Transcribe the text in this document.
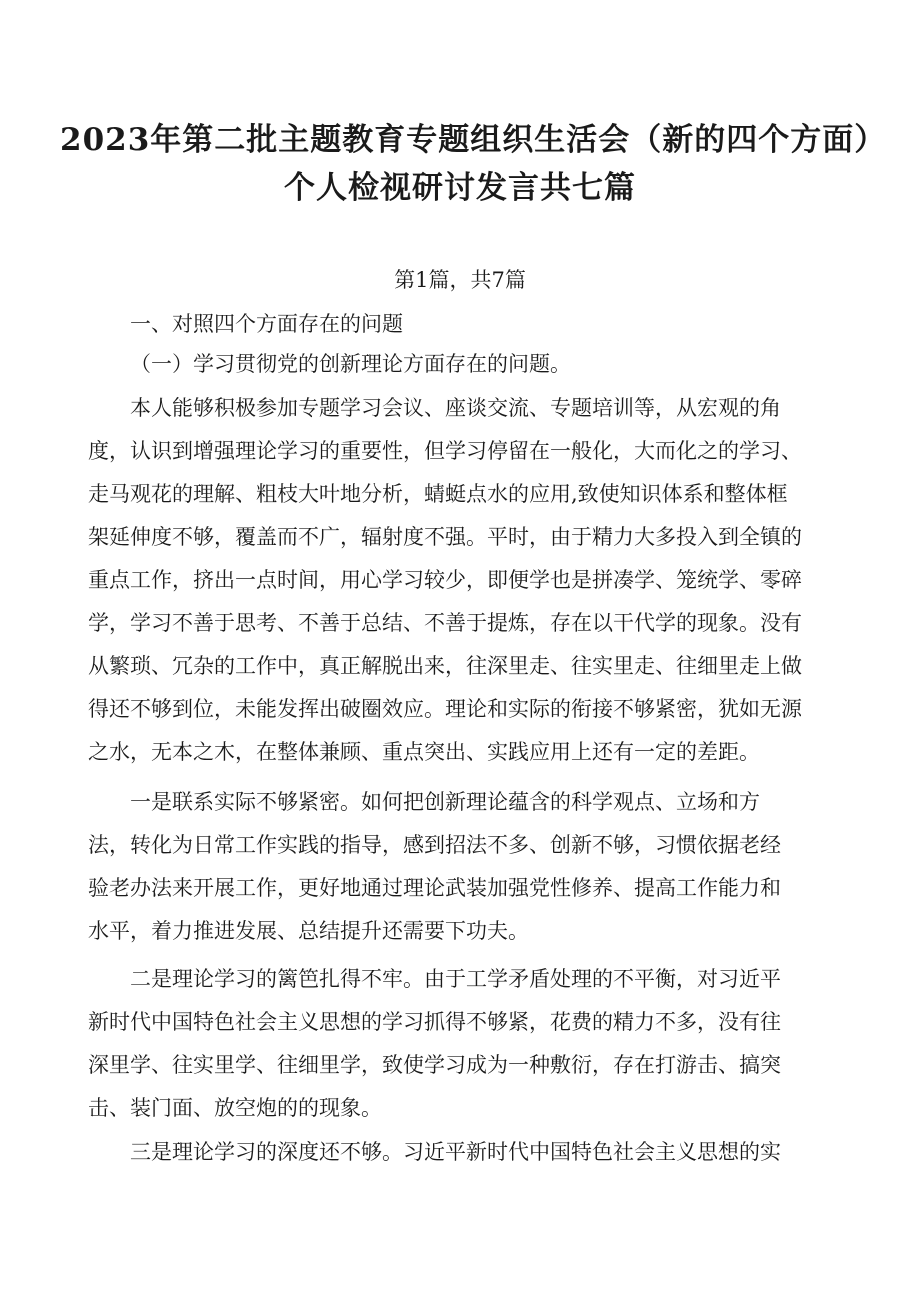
2023年第二批主题教育专题组织生活会（新的四个方面）
个人检视研讨发言共七篇
第1篇，共7篇
一、对照四个方面存在的问题
（一）学习贯彻党的创新理论方面存在的问题。
本人能够积极参加专题学习会议、座谈交流、专题培训等，从宏观的角
度，认识到增强理论学习的重要性，但学习停留在一般化，大而化之的学习、
走马观花的理解、粗枝大叶地分析，蜻蜓点水的应用,致使知识体系和整体框
架延伸度不够，覆盖而不广，辐射度不强。平时，由于精力大多投入到全镇的
重点工作，挤出一点时间，用心学习较少，即便学也是拼凑学、笼统学、零碎
学，学习不善于思考、不善于总结、不善于提炼，存在以干代学的现象。没有
从繁琐、冗杂的工作中，真正解脱出来，往深里走、往实里走、往细里走上做
得还不够到位，未能发挥出破圈效应。理论和实际的衔接不够紧密，犹如无源
之水，无本之木，在整体兼顾、重点突出、实践应用上还有一定的差距。
一是联系实际不够紧密。如何把创新理论蕴含的科学观点、立场和方
法，转化为日常工作实践的指导，感到招法不多、创新不够，习惯依据老经
验老办法来开展工作，更好地通过理论武装加强党性修养、提高工作能力和
水平，着力推进发展、总结提升还需要下功夫。
二是理论学习的篱笆扎得不牢。由于工学矛盾处理的不平衡，对习近平
新时代中国特色社会主义思想的学习抓得不够紧，花费的精力不多，没有往
深里学、往实里学、往细里学，致使学习成为一种敷衍，存在打游击、搞突
击、装门面、放空炮的的现象。
三是理论学习的深度还不够。习近平新时代中国特色社会主义思想的实
